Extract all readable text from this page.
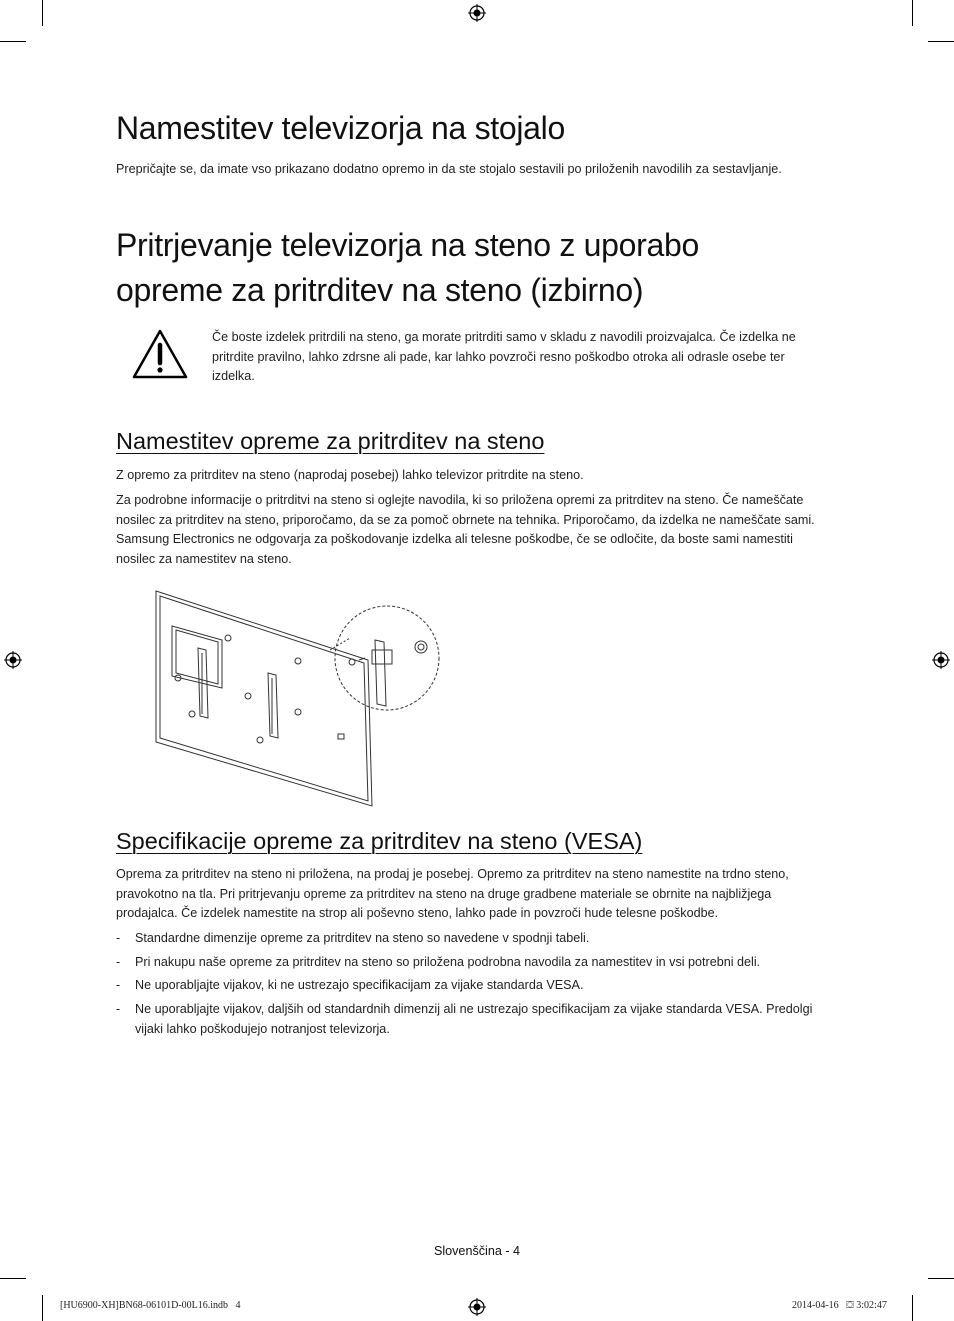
Namestitev televizorja na stojalo

Prepričajte se, da imate vso prikazano dodatno opremo in da ste stojalo sestavili po priloženih navodilih za sestavljanje.

Pritrjevanje televizorja na steno z uporabo
opreme za pritrditev na steno (izbirno)
Če boste izdelek pritrdili na steno, ga morate pritrditi samo v skladu z navodili proizvajalca. Če izdelka ne
pritrdite pravilno, lahko zdrsne ali pade, kar lahko povzroči resno poškodbo otroka ali odrasle osebe ter
izdelka.
Namestitev opreme za pritrditev na steno

Z opremo za pritrditev na steno (naprodaj posebej) lahko televizor pritrdite na steno.

Za podrobne informacije o pritrditvi na steno si oglejte navodila, ki so priložena opremi za pritrditev na steno. Če nameščate
nosilec za pritrditev na steno, priporočamo, da se za pomoč obrnete na tehnika. Priporočamo, da izdelka ne nameščate sami.
Samsung Electronics ne odgovarja za poškodovanje izdelka ali telesne poškodbe, če se odločite, da boste sami namestiti
nosilec za namestitev na steno.
Specifikacije opreme za pritrditev na steno (VESA)
Oprema za pritrditev na steno ni priložena, na prodaj je posebej. Opremo za pritrditev na steno namestite na trdno steno,
pravokotno na tla. Pri pritrjevanju opreme za pritrditev na steno na druge gradbene materiale se obrnite na najbližjega
prodajalca. Če izdelek namestite na strop ali poševno steno, lahko pade in povzroči hude telesne poškodbe.
- Standardne dimenzije opreme za pritrditev na steno so navedene v spodnji tabeli.
- Pri nakupu naše opreme za pritrditev na steno so priložena podrobna navodila za namestitev in vsi potrebni deli.
- Ne uporabljajte vijakov, ki ne ustrezajo specifikacijam za vijake standarda VESA.
- Ne uporabljajte vijakov, daljših od standardnih dimenzij ali ne ustrezajo specifikacijam za vijake standarda VESA. Predolgi
vijaki lahko poškodujejo notranjost televizorja.
Slovenščina - 4
[HU6900-XH]BN68-06101D-00L16.indb   4	2014-04-16   ⛋ 3:02:47
